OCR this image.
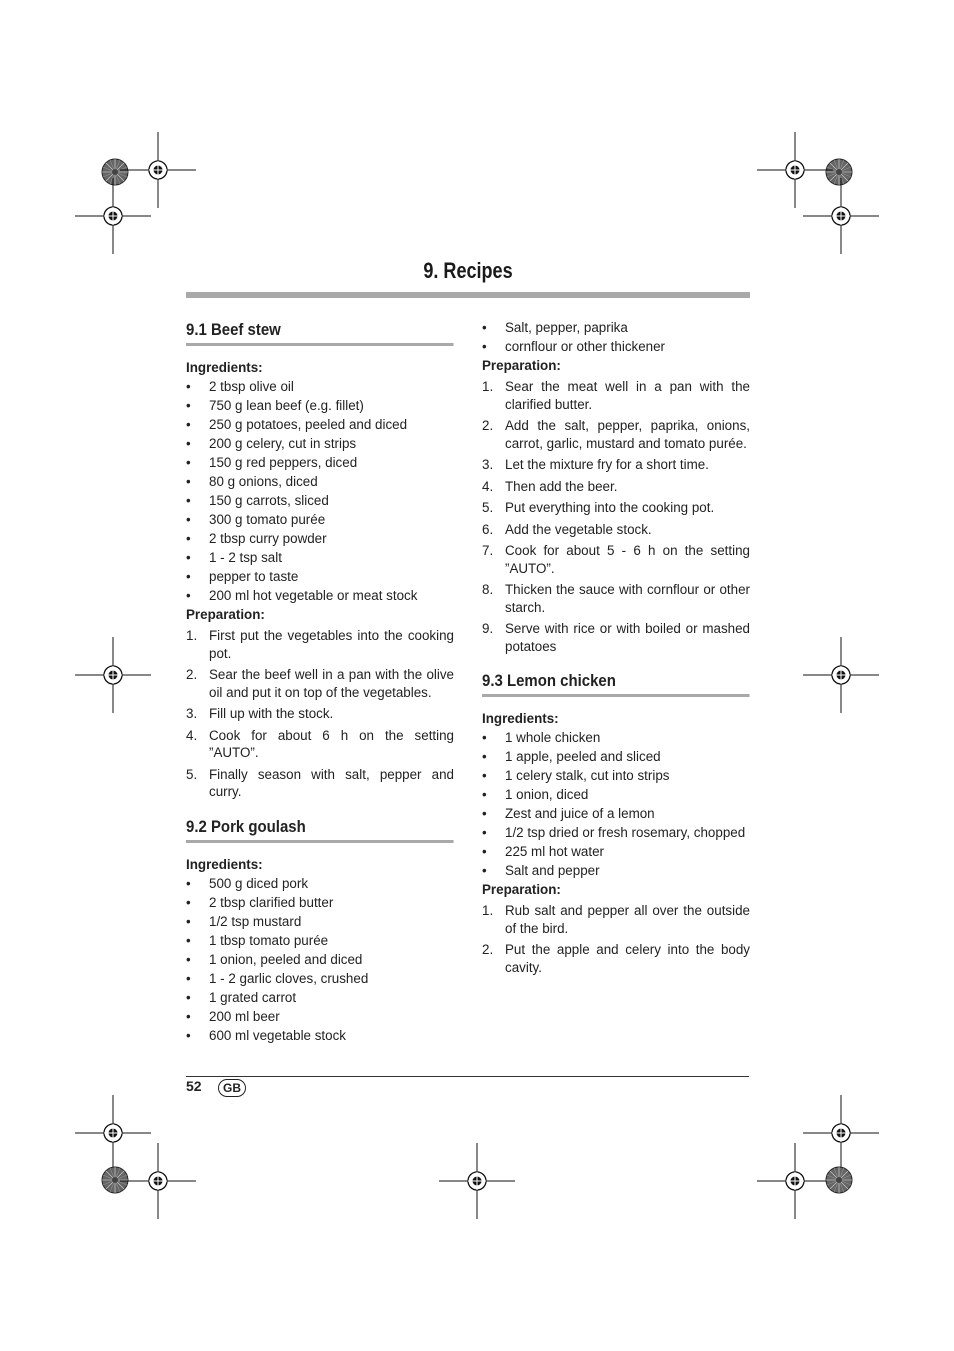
9. Recipes
9.1 Beef stew

Ingredients:

• 2 tbsp olive oil
• 750 g lean beef (e.g. fillet)
• 250 g potatoes, peeled and diced
• 200 g celery, cut in strips
• 150 g red peppers, diced
• 80 g onions, diced
• 150 g carrots, sliced
• 300 g tomato purée
• 2 tbsp curry powder
• 1 - 2 tsp salt
• pepper to taste
• 200 ml hot vegetable or meat stock

Preparation:

1. First put the vegetables into the cooking pot.
2. Sear the beef well in a pan with the olive oil and put it on top of the vegetables.
3. Fill up with the stock.
4. Cook for about 6 h on the setting ”AUTO”.
5. Finally season with salt, pepper and curry.
9.2 Pork goulash

Ingredients:

• 500 g diced pork
• 2 tbsp clarified butter
• 1/2 tsp mustard
• 1 tbsp tomato purée
• 1 onion, peeled and diced
• 1 - 2 garlic cloves, crushed
• 1 grated carrot
• 200 ml beer
• 600 ml vegetable stock
• Salt, pepper, paprika
• cornflour or other thickener

Preparation:

1. Sear the meat well in a pan with the clarified butter.
2. Add the salt, pepper, paprika, onions, carrot, garlic, mustard and tomato purée.
3. Let the mixture fry for a short time.
4. Then add the beer.
5. Put everything into the cooking pot.
6. Add the vegetable stock.
7. Cook for about 5 - 6 h on the setting ”AUTO”.
8. Thicken the sauce with cornflour or other starch.
9. Serve with rice or with boiled or mashed potatoes
9.3 Lemon chicken

Ingredients:

• 1 whole chicken
• 1 apple, peeled and sliced
• 1 celery stalk, cut into strips
• 1 onion, diced
• Zest and juice of a lemon
• 1/2 tsp dried or fresh rosemary, chopped
• 225 ml hot water
• Salt and pepper

Preparation:

1. Rub salt and pepper all over the outside of the bird.
2. Put the apple and celery into the body cavity.
52	GB
